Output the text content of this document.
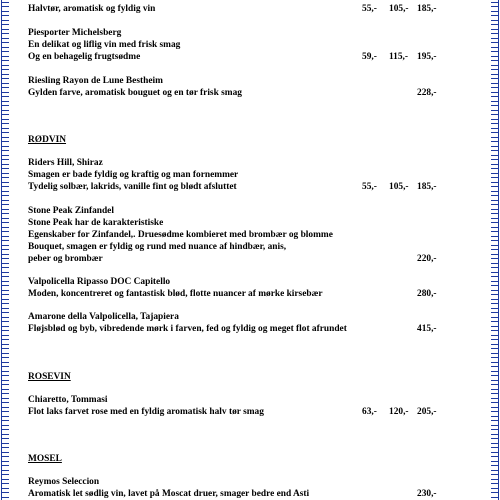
Halvtør, aromatisk og fyldig vin	55,- 105,- 185,-
Piesporter Michelsberg
En delikat og liflig vin med frisk smag
Og en behagelig frugtsødme	59,- 115,- 195,-
Riesling Rayon de Lune Bestheim
Gylden farve, aromatisk bouguet og en tør frisk smag	228,-
RØDVIN
Riders Hill, Shiraz
Smagen er bade fyldig og kraftig og man fornemmer
Tydelig solbær, lakrids, vanille fint og blødt afsluttet	55,- 105,- 185,-
Stone Peak Zinfandel
Stone Peak har de karakteristiske
Egenskaber for Zinfandel,. Druesødme kombieret med brombær og blomme
Bouquet, smagen er fyldig og rund med nuance af hindbær, anis,
peber og brombær	220,-
Valpolicella Ripasso DOC Capitello
Moden, koncentreret og fantastisk blød, flotte nuancer af mørke kirsebær	280,-
Amarone della Valpolicella, Tajapiera
Fløjsblød og byb, vibredende mørk i farven, fed og fyldig og meget flot afrundet	415,-
ROSEVIN
Chiaretto, Tommasi
Flot laks farvet rose med en fyldig aromatisk halv tør smag	63,- 120,- 205,-
MOSEL
Reymos Seleccion
Aromatisk let sødlig vin, lavet på Moscat druer, smager bedre end Asti	230,-
